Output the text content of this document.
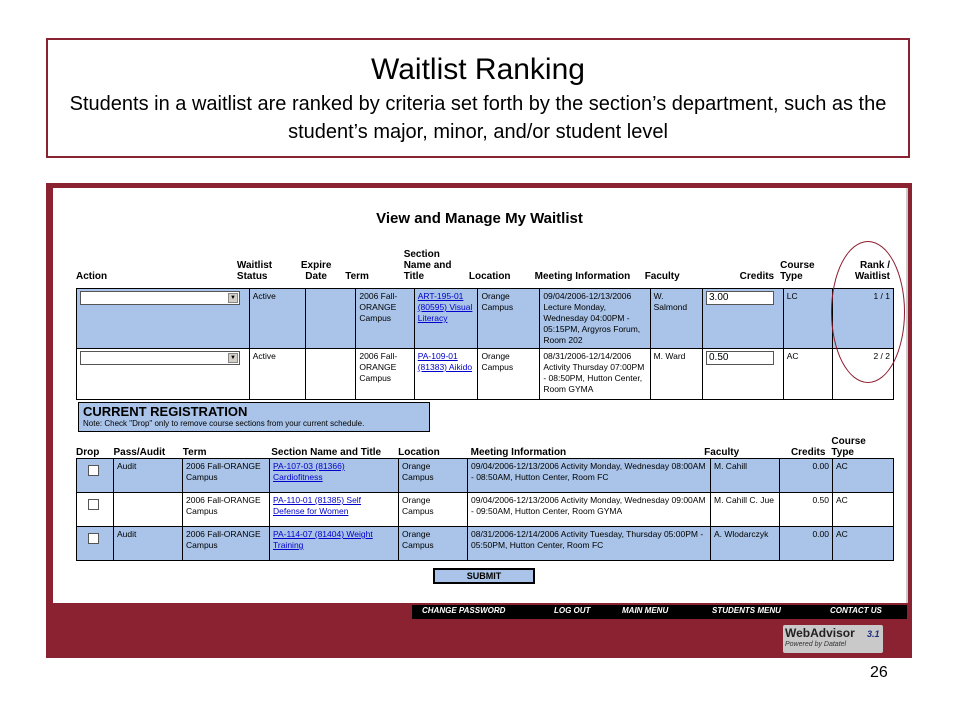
Waitlist Ranking
Students in a waitlist are ranked by criteria set forth by the section’s department, such as the student’s major, minor, and/or student level
View and Manage My Waitlist
Action	Waitlist Status	Expire Date	Term	Section Name and Title	Location	Meeting Information	Faculty	Credits	Course Type	Rank / Waitlist
▼	Active		2006 Fall-ORANGE Campus	ART-195-01 (80595) Visual Literacy	Orange Campus	09/04/2006-12/13/2006 Lecture Monday, Wednesday 04:00PM - 05:15PM, Argyros Forum, Room 202	W. Salmond	3.00	LC	1 / 1

▼	Active		2006 Fall-ORANGE Campus	PA-109-01 (81383) Aikido	Orange Campus	08/31/2006-12/14/2006 Activity Thursday 07:00PM - 08:50PM, Hutton Center, Room GYMA	M. Ward	0.50	AC	2 / 2
CURRENT REGISTRATION
Note: Check "Drop" only to remove course sections from your current schedule.
Drop	Pass/Audit	Term	Section Name and Title	Location	Meeting Information	Faculty	Credits	Course Type
	Audit	2006 Fall-ORANGE Campus	PA-107-03 (81366) Cardiofitness	Orange Campus	09/04/2006-12/13/2006 Activity Monday, Wednesday 08:00AM - 08:50AM, Hutton Center, Room FC	M. Cahill	0.00	AC
		2006 Fall-ORANGE Campus	PA-110-01 (81385) Self Defense for Women	Orange Campus	09/04/2006-12/13/2006 Activity Monday, Wednesday 09:00AM - 09:50AM, Hutton Center, Room GYMA	M. Cahill C. Jue	0.50	AC
	Audit	2006 Fall-ORANGE Campus	PA-114-07 (81404) Weight Training	Orange Campus	08/31/2006-12/14/2006 Activity Tuesday, Thursday 05:00PM - 05:50PM, Hutton Center, Room FC	A. Wlodarczyk	0.00	AC
SUBMIT
CHANGE PASSWORD	LOG OUT	MAIN MENU	STUDENTS MENU	CONTACT US
WebAdvisor
Powered by Datatel
3.1
26
